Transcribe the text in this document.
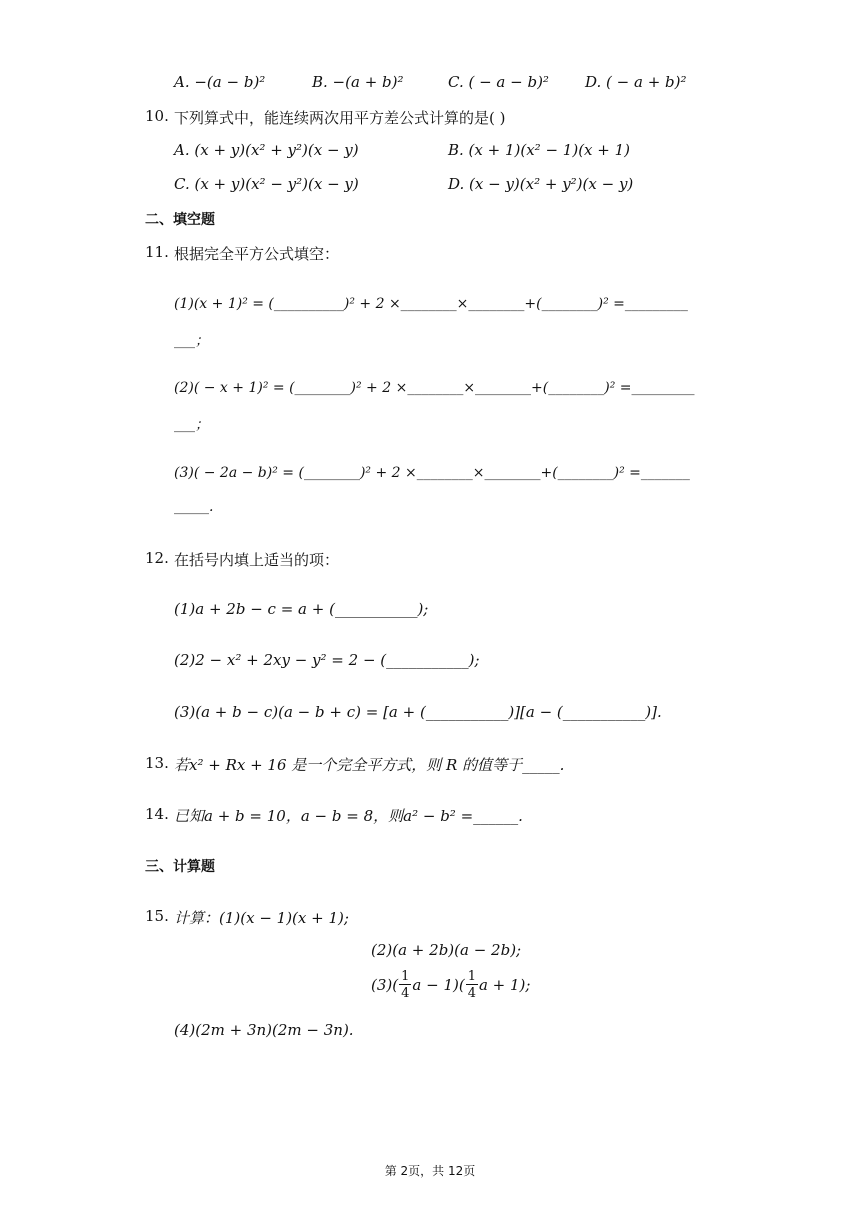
A. −(a − b)²	B. −(a + b)²	C. ( − a − b)² D. ( − a + b)²
10. 下列算式中，能连续两次用平方差公式计算的是( )
A. (x + y)(x² + y²)(x − y)	B. (x + 1)(x² − 1)(x + 1)
C. (x + y)(x² − y²)(x − y)	D. (x − y)(x² + y²)(x − y)
二、填空题
11. 根据完全平方公式填空：
(1)(x + 1)² = (__________)² + 2 ×________×________+(________)² =_________
___；
(2)( − x + 1)² = (________)² + 2 ×________×________+(________)² =_________
___；
(3)( − 2a − b)² = (________)² + 2 ×________×________+(________)² =_______
_____.
12. 在括号内填上适当的项：
(1)a + 2b − c = a + (___________);
(2)2 − x² + 2xy − y² = 2 − (___________);
(3)(a + b − c)(a − b + c) = [a + (___________)][a − (___________)].
13. 若x² + Rx + 16 是一个完全平方式，则 R 的值等于_____.
14. 已知a + b = 10，a − b = 8，则a² − b² =______.
三、计算题
15. 计算：(1)(x − 1)(x + 1);
(2)(a + 2b)(a − 2b);
$(3)( \frac{1}{4}$ $a - 1)( \frac{1}{4}$ a + 1);
(4)(2m + 3n)(2m − 3n).
第 2页，共 12页
